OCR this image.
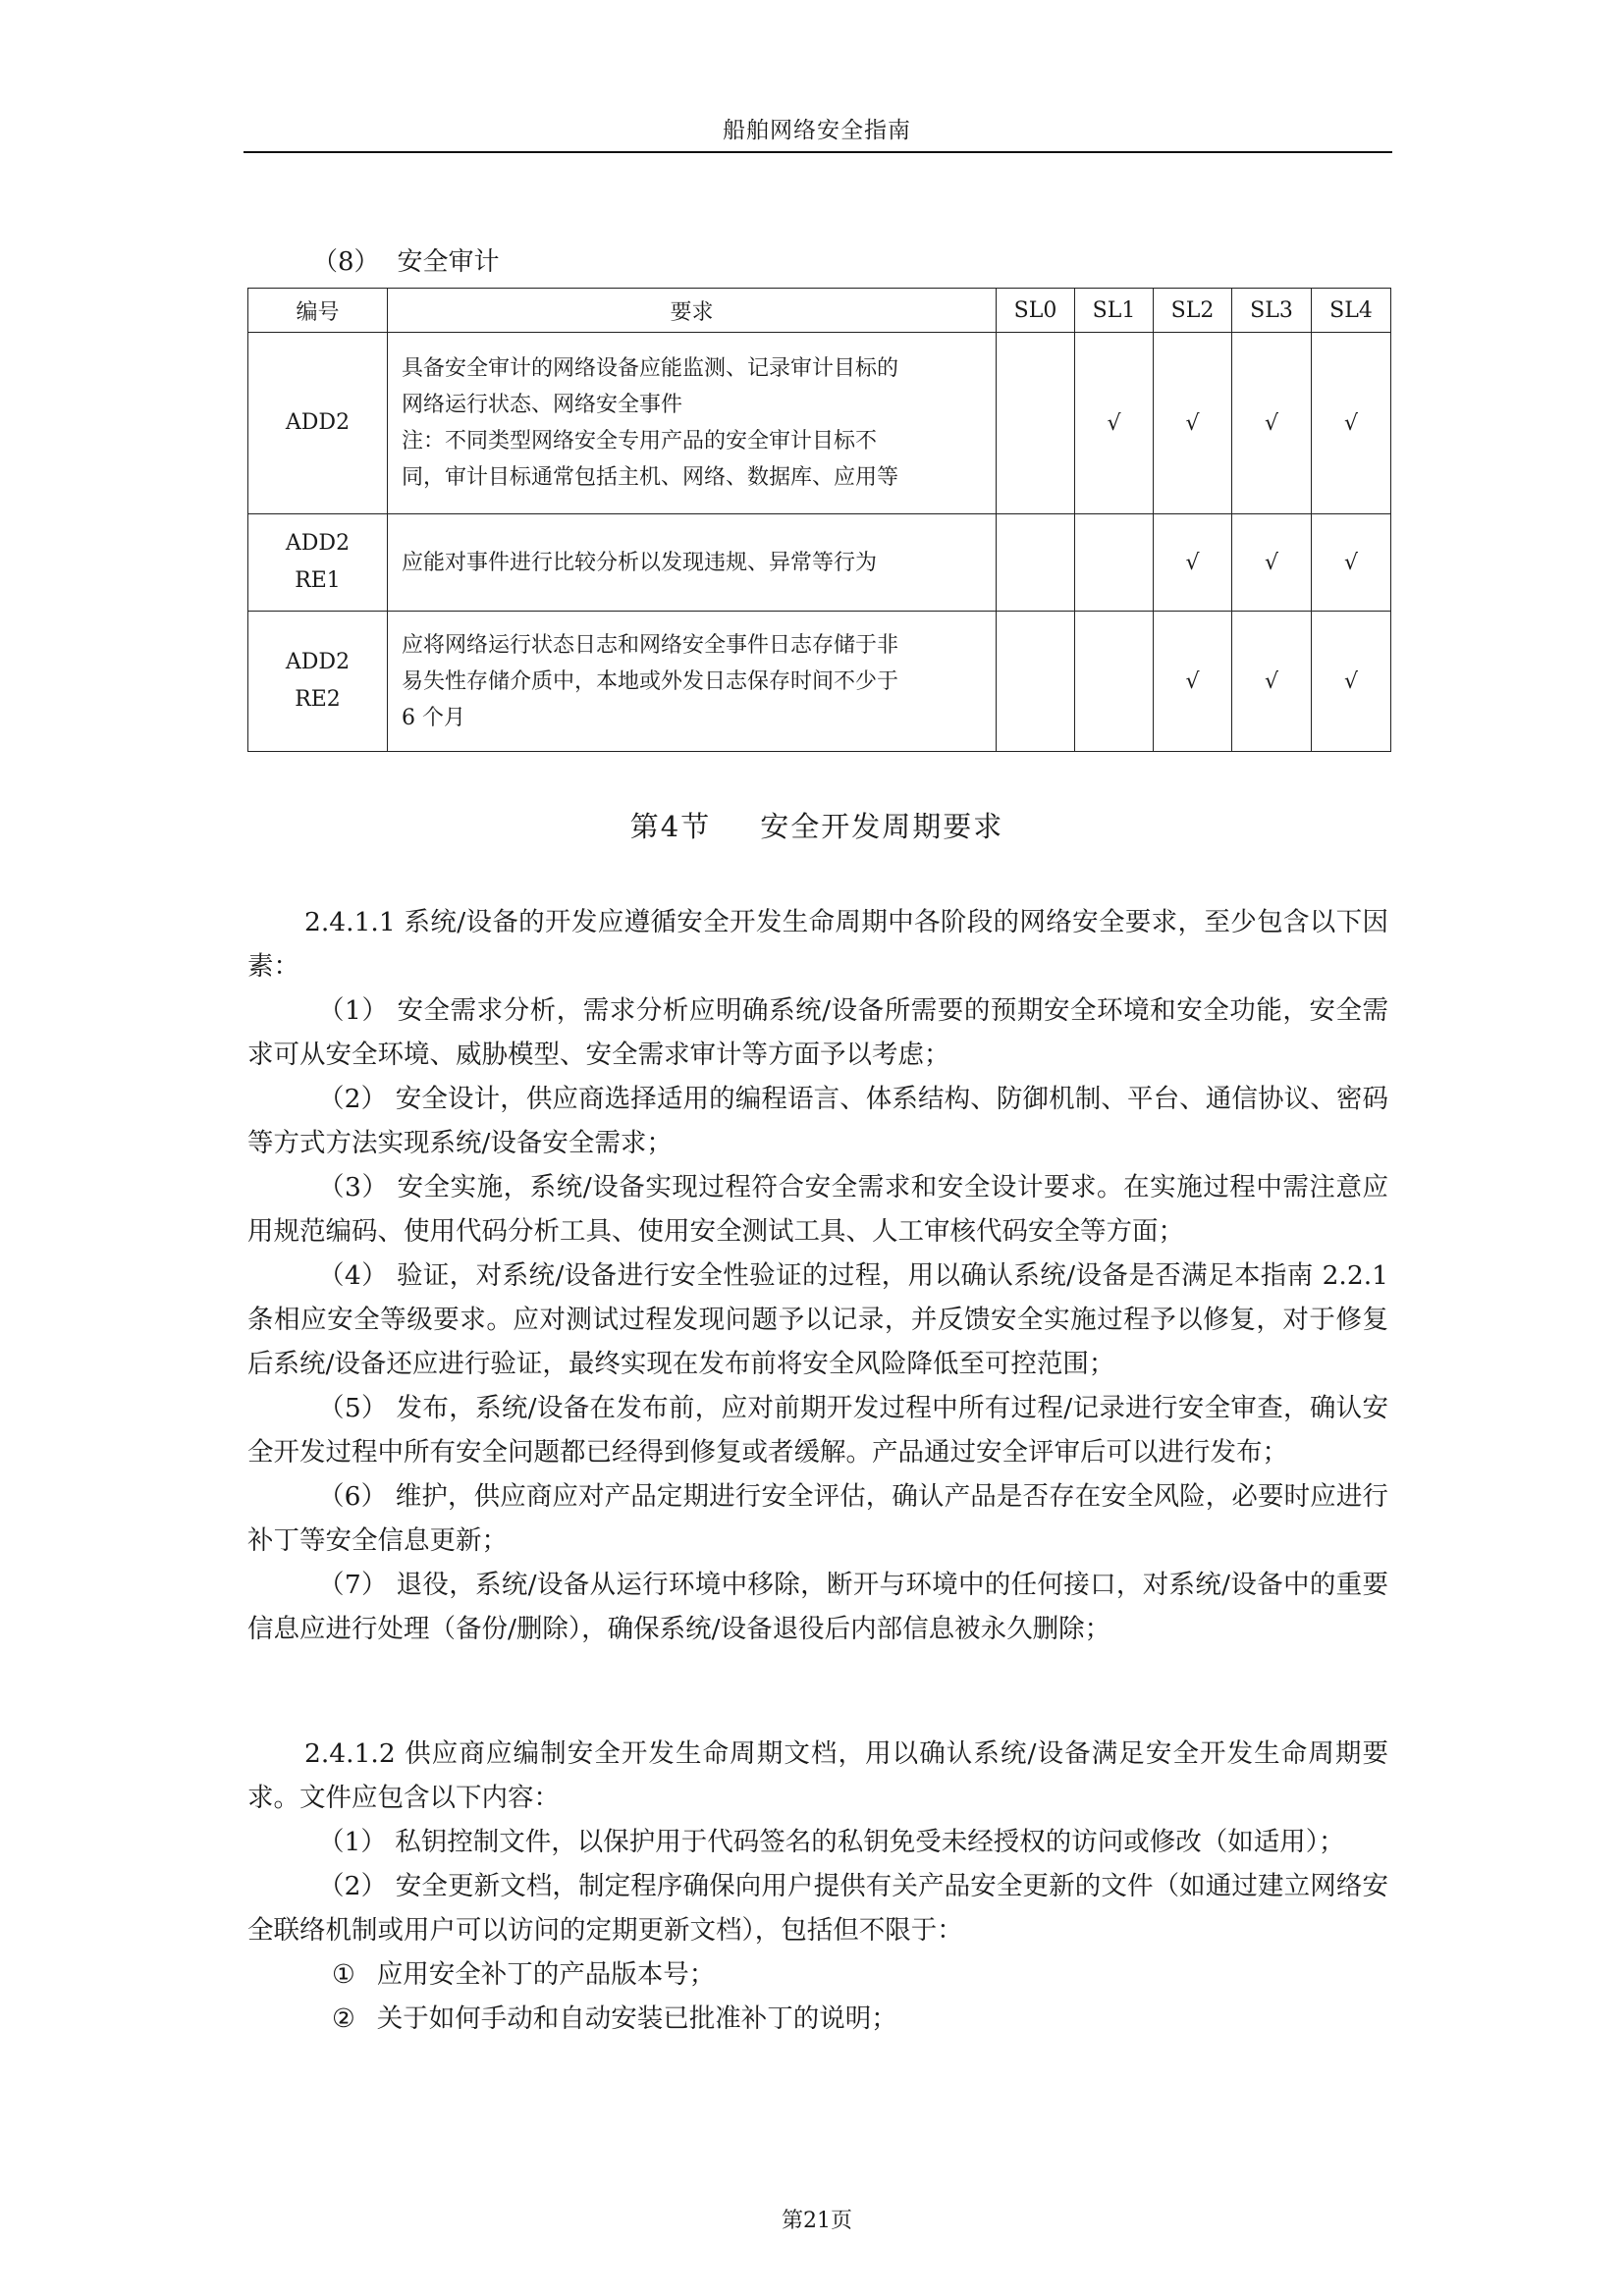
船舶网络安全指南
（8） 安全审计
编号	要求	SL0	SL1	SL2	SL3	SL4

ADD2	具备安全审计的网络设备应能监测、记录审计目标的
网络运行状态、网络安全事件
注：不同类型网络安全专用产品的安全审计目标不
同，审计目标通常包括主机、网络、数据库、应用等		√	√	√	√

ADD2
RE1	应能对事件进行比较分析以发现违规、异常等行为			√	√	√

ADD2
RE2	应将网络运行状态日志和网络安全事件日志存储于非
易失性存储介质中，本地或外发日志保存时间不少于
6 个月			√	√	√
第4节 安全开发周期要求

2.4.1.1 系统/设备的开发应遵循安全开发生命周期中各阶段的网络安全要求，至少包含以下因素：

（1） 安全需求分析，需求分析应明确系统/设备所需要的预期安全环境和安全功能，安全需求可从安全环境、威胁模型、安全需求审计等方面予以考虑；

（2） 安全设计，供应商选择适用的编程语言、体系结构、防御机制、平台、通信协议、密码等方式方法实现系统/设备安全需求；

（3） 安全实施，系统/设备实现过程符合安全需求和安全设计要求。在实施过程中需注意应用规范编码、使用代码分析工具、使用安全测试工具、人工审核代码安全等方面；

（4） 验证，对系统/设备进行安全性验证的过程，用以确认系统/设备是否满足本指南 2.2.1 条相应安全等级要求。应对测试过程发现问题予以记录，并反馈安全实施过程予以修复，对于修复后系统/设备还应进行验证，最终实现在发布前将安全风险降低至可控范围；

（5） 发布，系统/设备在发布前，应对前期开发过程中所有过程/记录进行安全审查，确认安全开发过程中所有安全问题都已经得到修复或者缓解。产品通过安全评审后可以进行发布；

（6） 维护，供应商应对产品定期进行安全评估，确认产品是否存在安全风险，必要时应进行补丁等安全信息更新；

（7） 退役，系统/设备从运行环境中移除，断开与环境中的任何接口，对系统/设备中的重要信息应进行处理（备份/删除），确保系统/设备退役后内部信息被永久删除；

2.4.1.2 供应商应编制安全开发生命周期文档，用以确认系统/设备满足安全开发生命周期要求。文件应包含以下内容：

（1） 私钥控制文件，以保护用于代码签名的私钥免受未经授权的访问或修改（如适用）；

（2） 安全更新文档，制定程序确保向用户提供有关产品安全更新的文件（如通过建立网络安全联络机制或用户可以访问的定期更新文档），包括但不限于：

① 应用安全补丁的产品版本号；

② 关于如何手动和自动安装已批准补丁的说明；

第21页
